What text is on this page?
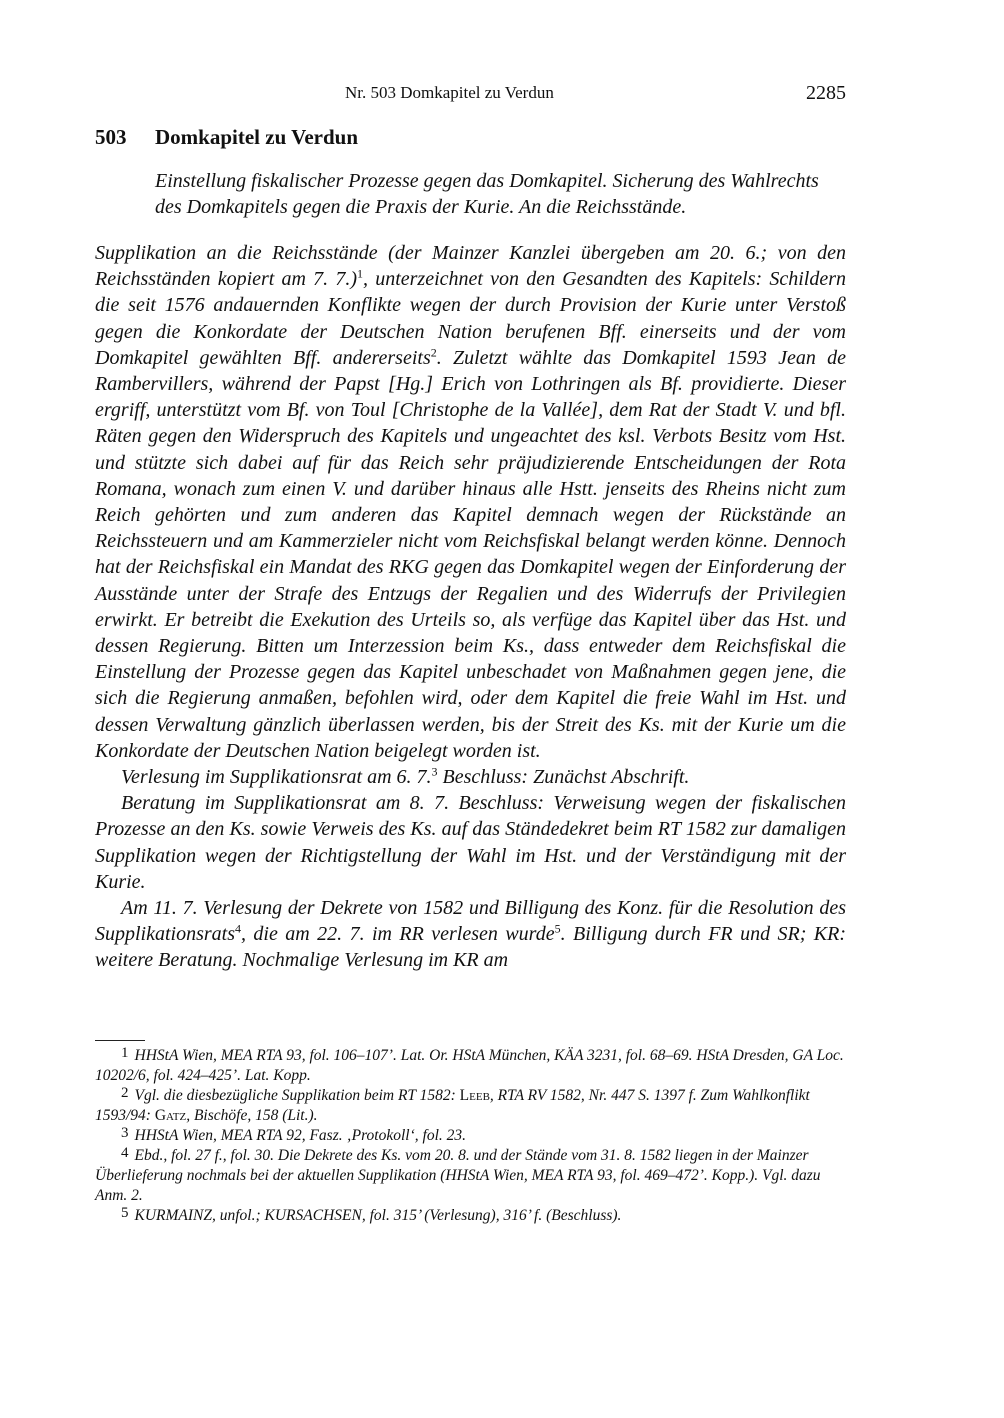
Nr. 503 Domkapitel zu Verdun	2285
503 Domkapitel zu Verdun
Einstellung fiskalischer Prozesse gegen das Domkapitel. Sicherung des Wahlrechts des Domkapitels gegen die Praxis der Kurie. An die Reichsstände.

Supplikation an die Reichsstände (der Mainzer Kanzlei übergeben am 20. 6.; von den Reichsständen kopiert am 7. 7.)$^1$, unterzeichnet von den Gesandten des Kapitels: Schildern die seit 1576 andauernden Konflikte wegen der durch Provision der Kurie unter Verstoß gegen die Konkordate der Deutschen Nation berufenen Bff. einerseits und der vom Domkapitel gewählten Bff. andererseits$^2$. Zuletzt wählte das Domkapitel 1593 Jean de Rambervillers, während der Papst [Hg.] Erich von Lothringen als Bf. providierte. Dieser ergriff, unterstützt vom Bf. von Toul [Christophe de la Vallée], dem Rat der Stadt V. und bfl. Räten gegen den Widerspruch des Kapitels und ungeachtet des ksl. Verbots Besitz vom Hst. und stützte sich dabei auf für das Reich sehr präjudizierende Entscheidungen der Rota Romana, wonach zum einen V. und darüber hinaus alle Hstt. jenseits des Rheins nicht zum Reich gehörten und zum anderen das Kapitel demnach wegen der Rückstände an Reichssteuern und am Kammerzieler nicht vom Reichsfiskal belangt werden könne. Dennoch hat der Reichsfiskal ein Mandat des RKG gegen das Domkapitel wegen der Einforderung der Ausstände unter der Strafe des Entzugs der Regalien und des Widerrufs der Privilegien erwirkt. Er betreibt die Exekution des Urteils so, als verfüge das Kapitel über das Hst. und dessen Regierung. Bitten um Interzession beim Ks., dass entweder dem Reichsfiskal die Einstellung der Prozesse gegen das Kapitel unbeschadet von Maßnahmen gegen jene, die sich die Regierung anmaßen, befohlen wird, oder dem Kapitel die freie Wahl im Hst. und dessen Verwaltung gänzlich überlassen werden, bis der Streit des Ks. mit der Kurie um die Konkordate der Deutschen Nation beigelegt worden ist.

Verlesung im Supplikationsrat am 6. 7.$^3$ Beschluss: Zunächst Abschrift.

Beratung im Supplikationsrat am 8. 7. Beschluss: Verweisung wegen der fiskalischen Prozesse an den Ks. sowie Verweis des Ks. auf das Ständedekret beim RT 1582 zur damaligen Supplikation wegen der Richtigstellung der Wahl im Hst. und der Verständigung mit der Kurie.

Am 11. 7. Verlesung der Dekrete von 1582 und Billigung des Konz. für die Resolution des Supplikationsrats$^4$, die am 22. 7. im RR verlesen wurde$^5$. Billigung durch FR und SR; KR: weitere Beratung. Nochmalige Verlesung im KR am

1 HHStA Wien, MEA RTA 93, fol. 106–107’. Lat. Or. HStA München, KÄA 3231, fol. 68–69. HStA Dresden, GA Loc. 10202/6, fol. 424–425’. Lat. Kopp.

2 Vgl. die diesbezügliche Supplikation beim RT 1582: Leeb, RTA RV 1582, Nr. 447 S. 1397 f. Zum Wahlkonflikt 1593/94: Gatz, Bischöfe, 158 (Lit.).

3 HHStA Wien, MEA RTA 92, Fasz. ‚Protokoll‘, fol. 23.

4 Ebd., fol. 27 f., fol. 30. Die Dekrete des Ks. vom 20. 8. und der Stände vom 31. 8. 1582 liegen in der Mainzer Überlieferung nochmals bei der aktuellen Supplikation (HHStA Wien, MEA RTA 93, fol. 469–472’. Kopp.). Vgl. dazu Anm. 2.

5 KURMAINZ, unfol.; KURSACHSEN, fol. 315’ (Verlesung), 316’ f. (Beschluss).
